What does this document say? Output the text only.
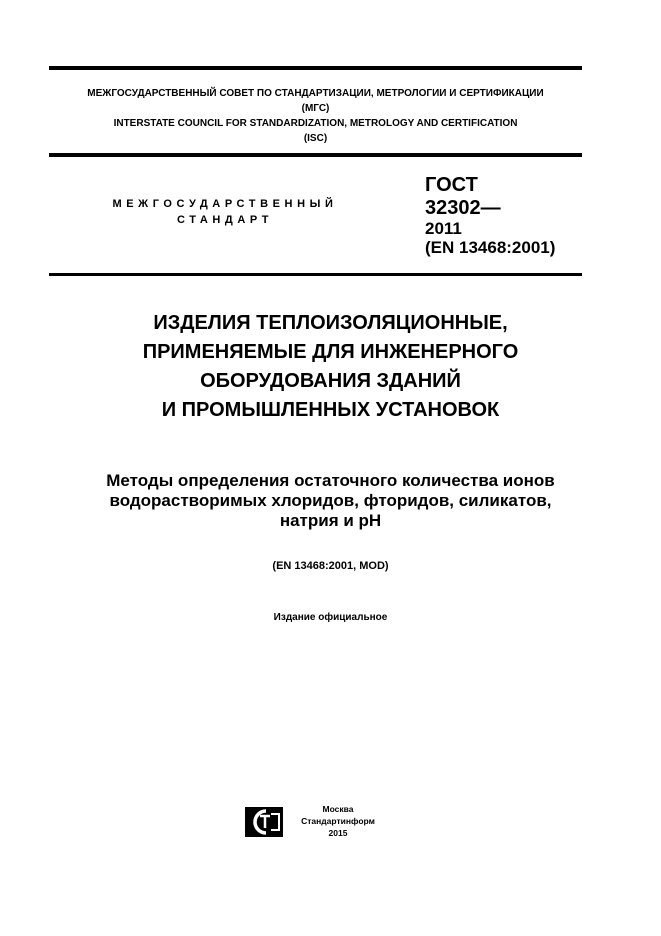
МЕЖГОСУДАРСТВЕННЫЙ СОВЕТ ПО СТАНДАРТИЗАЦИИ, МЕТРОЛОГИИ И СЕРТИФИКАЦИИ
(МГС)
INTERSTATE COUNCIL FOR STANDARDIZATION, METROLOGY AND CERTIFICATION
(ISC)
МЕЖГОСУДАРСТВЕННЫЙ
СТАНДАРТ
ГОСТ
32302—
2011
(EN 13468:2001)
ИЗДЕЛИЯ ТЕПЛОИЗОЛЯЦИОННЫЕ,
ПРИМЕНЯЕМЫЕ ДЛЯ ИНЖЕНЕРНОГО
ОБОРУДОВАНИЯ ЗДАНИЙ
И ПРОМЫШЛЕННЫХ УСТАНОВОК
Методы определения остаточного количества ионов
водорастворимых хлоридов, фторидов, силикатов,
натрия и pH
(EN 13468:2001, MOD)
Издание официальное
Москва
Стандартинформ
2015
